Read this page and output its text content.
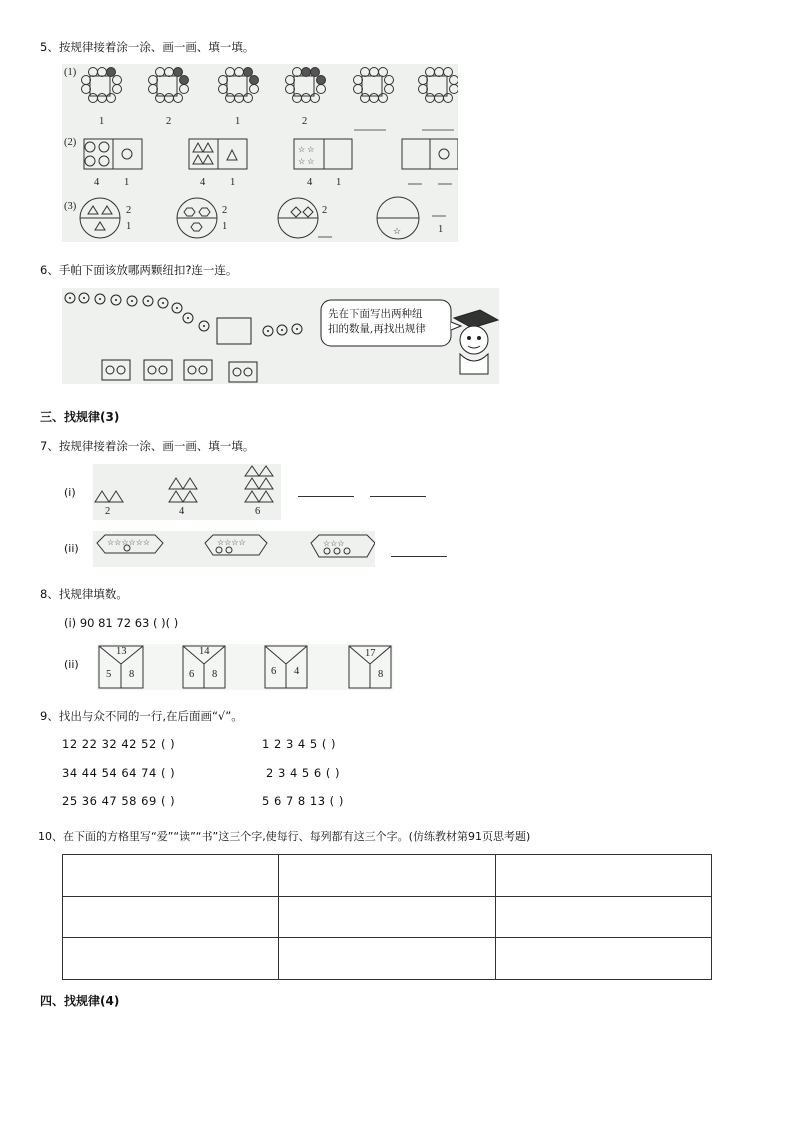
5、按规律接着涂一涂、画一画、填一填。
(1)
(2)
(3)
☆ ☆
☆ ☆
☆
1	2	1	2
4 1	4 1	4 1
2
1
2
1
2
1
6、手帕下面该放哪两颗纽扣?连一连。
先在下面写出两种纽
扣的数量,再找出规律
三、找规律(3)
7、按规律接着涂一涂、画一画、填一填。
(i)
2	4	6
(ii)	☆☆☆☆☆☆	☆☆☆☆	☆☆☆
8、找规律填数。
(i) 90 81 72 63 ( )( )
(ii)
13
5 8
14
6 8	6 4
17
8
9、找出与众不同的一行,在后面画“√”。
12 22 32 42 52 ( )
34 44 54 64 74 ( )
25 36 47 58 69 ( )
1 2 3 4 5 ( )
2 3 4 5 6 ( )
5 6 7 8 13 ( )
10、在下面的方格里写“爱”“读”“书”这三个字,使每行、每列都有这三个字。(仿练教材第91页思考题)

四、找规律(4)
